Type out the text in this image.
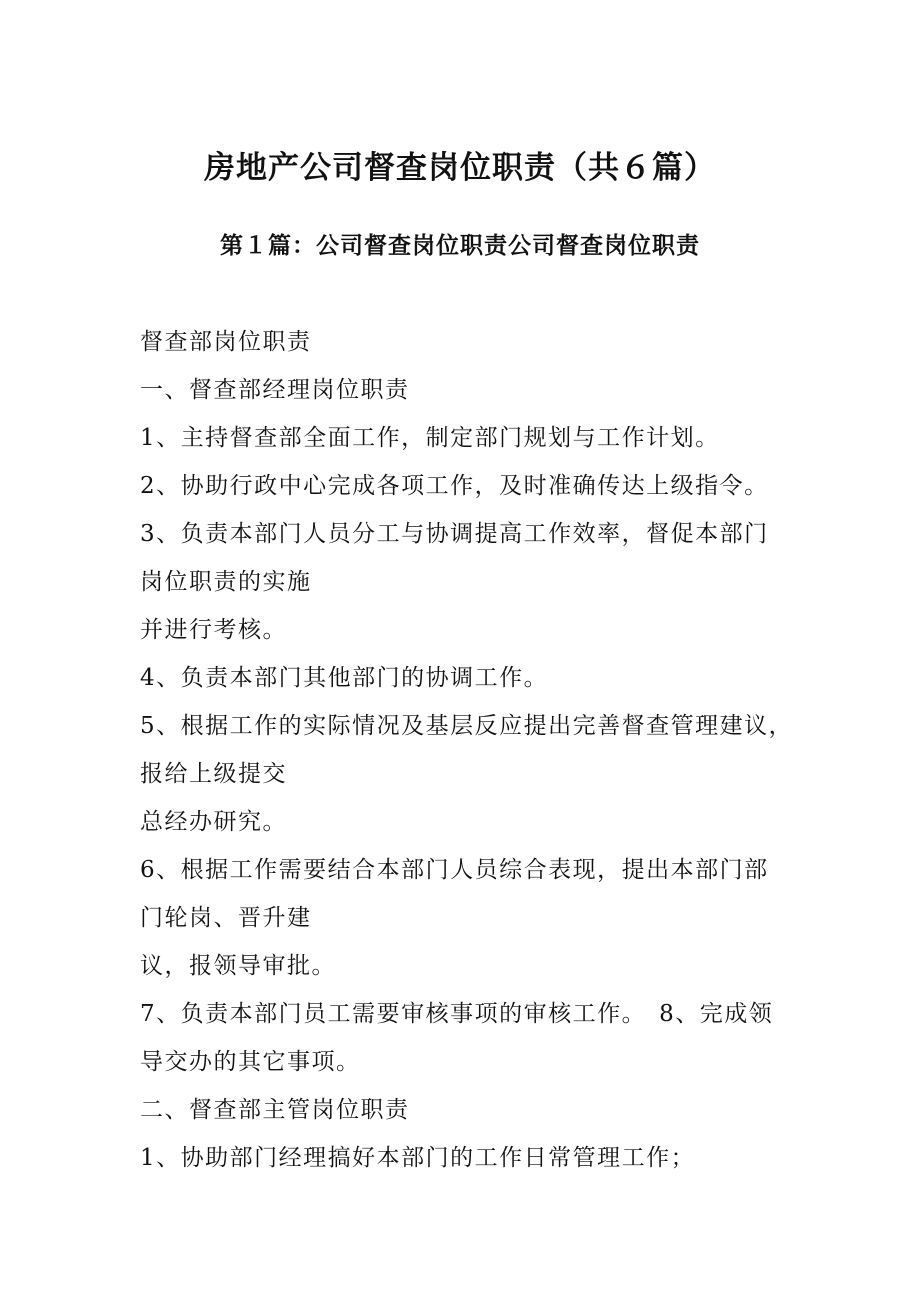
房地产公司督查岗位职责（共６篇）
第１篇：公司督查岗位职责公司督查岗位职责
督查部岗位职责
一、督查部经理岗位职责
1、主持督查部全面工作，制定部门规划与工作计划。
2、协助行政中心完成各项工作，及时准确传达上级指令。
3、负责本部门人员分工与协调提高工作效率，督促本部门
岗位职责的实施
并进行考核。
4、负责本部门其他部门的协调工作。
5、根据工作的实际情况及基层反应提出完善督查管理建议，
报给上级提交
总经办研究。
6、根据工作需要结合本部门人员综合表现，提出本部门部
门轮岗、晋升建
议，报领导审批。
7、负责本部门员工需要审核事项的审核工作。　8、完成领
导交办的其它事项。
二、督查部主管岗位职责
1、协助部门经理搞好本部门的工作日常管理工作；
